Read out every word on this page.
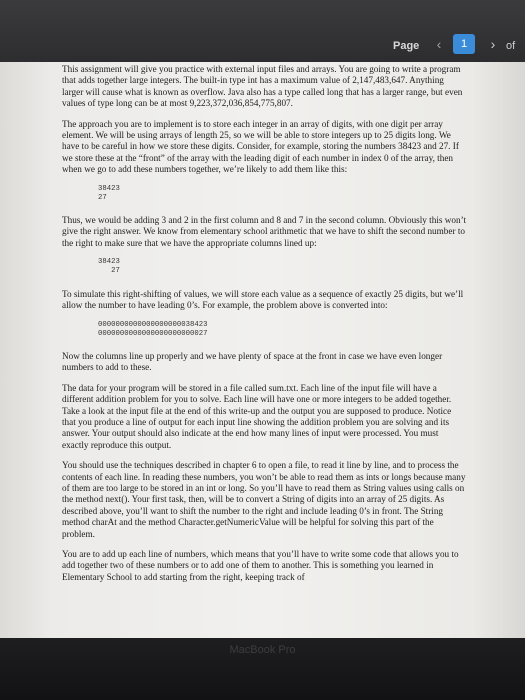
Page	‹	1	› of

This assignment will give you practice with external input files and arrays. You are going to write a program that adds together large integers. The built-in type int has a maximum value of 2,147,483,647. Anything larger will cause what is known as overflow. Java also has a type called long that has a larger range, but even values of type long can be at most 9,223,372,036,854,775,807.

The approach you are to implement is to store each integer in an array of digits, with one digit per array element. We will be using arrays of length 25, so we will be able to store integers up to 25 digits long. We have to be careful in how we store these digits. Consider, for example, storing the numbers 38423 and 27. If we store these at the “front” of the array with the leading digit of each number in index 0 of the array, then when we go to add these numbers together, we’re likely to add them like this:

38423
27

Thus, we would be adding 3 and 2 in the first column and 8 and 7 in the second column. Obviously this won’t give the right answer. We know from elementary school arithmetic that we have to shift the second number to the right to make sure that we have the appropriate columns lined up:

38423
27

To simulate this right-shifting of values, we will store each value as a sequence of exactly 25 digits, but we’ll allow the number to have leading 0’s. For example, the problem above is converted into:

0000000000000000000038423
0000000000000000000000027

Now the columns line up properly and we have plenty of space at the front in case we have even longer numbers to add to these.

The data for your program will be stored in a file called sum.txt. Each line of the input file will have a different addition problem for you to solve. Each line will have one or more integers to be added together. Take a look at the input file at the end of this write-up and the output you are supposed to produce. Notice that you produce a line of output for each input line showing the addition problem you are solving and its answer. Your output should also indicate at the end how many lines of input were processed. You must exactly reproduce this output.

You should use the techniques described in chapter 6 to open a file, to read it line by line, and to process the contents of each line. In reading these numbers, you won’t be able to read them as ints or longs because many of them are too large to be stored in an int or long. So you’ll have to read them as String values using calls on the method next(). Your first task, then, will be to convert a String of digits into an array of 25 digits. As described above, you’ll want to shift the number to the right and include leading 0’s in front. The String method charAt and the method Character.getNumericValue will be helpful for solving this part of the problem.

You are to add up each line of numbers, which means that you’ll have to write some code that allows you to add together two of these numbers or to add one of them to another. This is something you learned in Elementary School to add starting from the right, keeping track of

MacBook Pro
